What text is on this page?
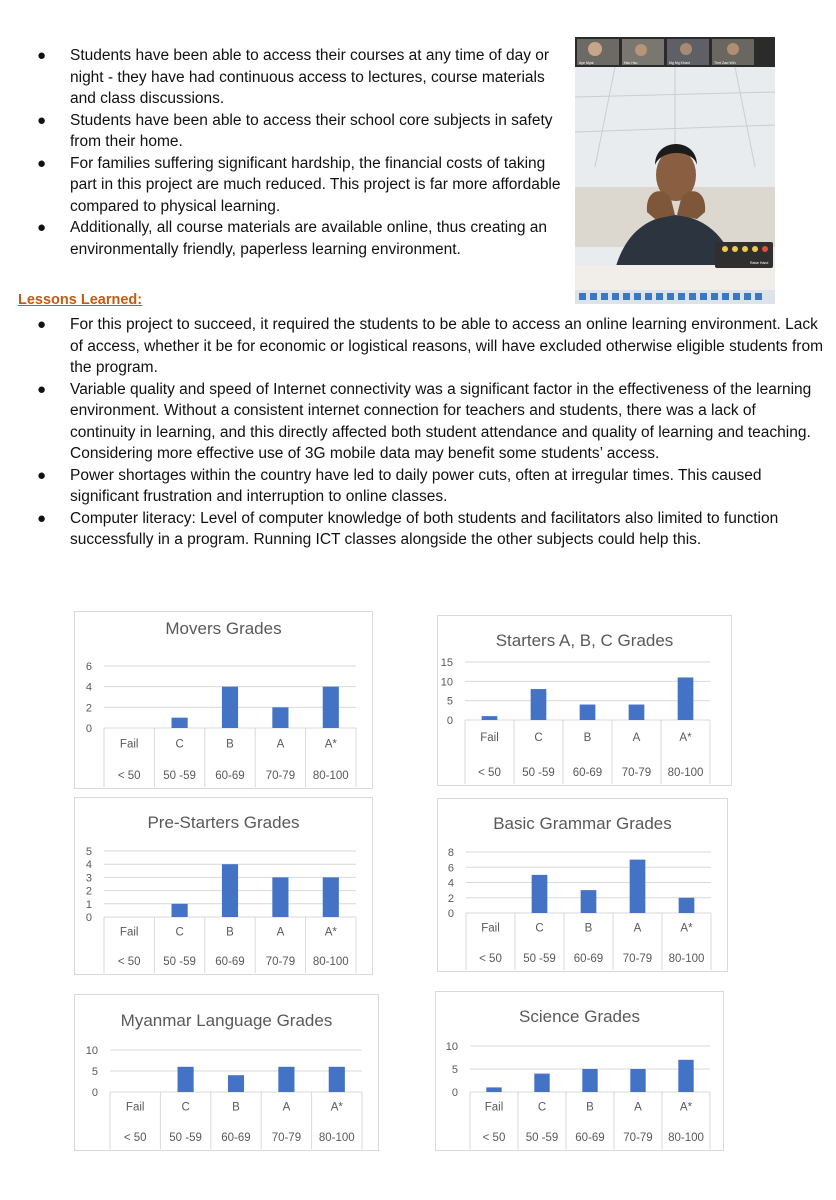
● Students have been able to access their courses at any time of day or night - they have had continuous access to lectures, course materials and class discussions.
● Students have been able to access their school core subjects in safety from their home.
● For families suffering significant hardship, the financial costs of taking part in this project are much reduced. This project is far more affordable compared to physical learning.
● Additionally, all course materials are available online, thus creating an environmentally friendly, paperless learning environment.
Aye Myat	Hsu Hsu	Mg Mg Khant	Thet Zaw Win
Raise Hand
Lessons Learned:
● For this project to succeed, it required the students to be able to access an online learning environment. Lack of access, whether it be for economic or logistical reasons, will have excluded otherwise eligible students from the program.
● Variable quality and speed of Internet connectivity was a significant factor in the effectiveness of the learning environment. Without a consistent internet connection for teachers and students, there was a lack of continuity in learning, and this directly affected both student attendance and quality of learning and teaching. Considering more effective use of 3G mobile data may benefit some students’ access.
● Power shortages within the country have led to daily power cuts, often at irregular times. This caused significant frustration and interruption to online classes.
● Computer literacy: Level of computer knowledge of both students and facilitators also limited to function successfully in a program. Running ICT classes alongside the other subjects could help this.
Movers Grades
0
2
4
6
Fail
< 50
C
50 -59
B
60-69
A
70-79
A*
80-100
Starters A, B, C Grades
0
5
10
15
Fail
< 50
C
50 -59
B
60-69
A
70-79
A*
80-100
Pre-Starters Grades
0
1
2
3
4
5
Fail
< 50
C
50 -59
B
60-69
A
70-79
A*
80-100
Basic Grammar Grades
0
2
4
6
8
Fail
< 50
C
50 -59
B
60-69
A
70-79
A*
80-100
Myanmar Language Grades
0
5
10
Fail
< 50
C
50 -59
B
60-69
A
70-79
A*
80-100
Science Grades
0
5
10
Fail
< 50
C
50 -59
B
60-69
A
70-79
A*
80-100
